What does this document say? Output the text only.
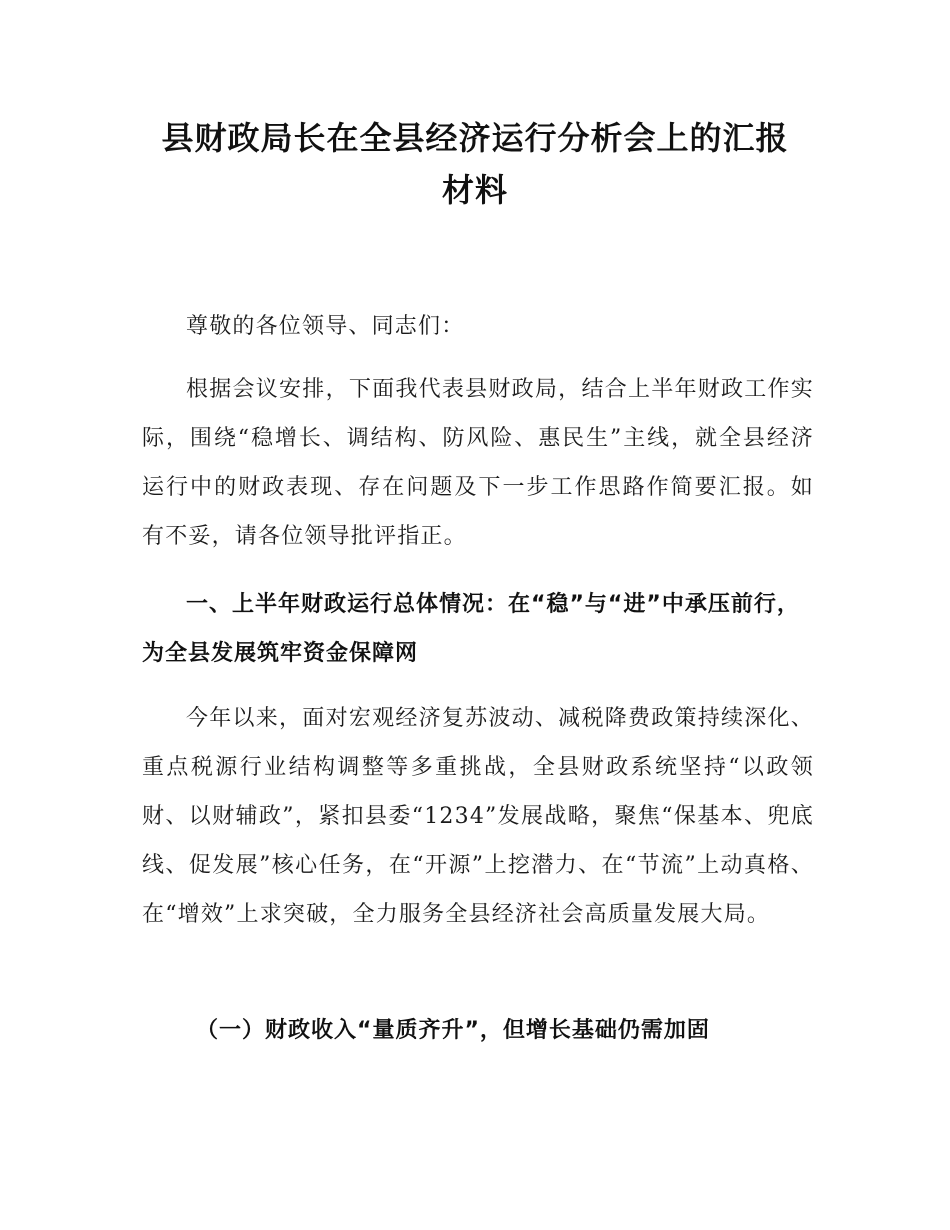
县财政局长在全县经济运行分析会上的汇报
材料

尊敬的各位领导、同志们：

根据会议安排，下面我代表县财政局，结合上半年财政工作实际，围绕“稳增长、调结构、防风险、惠民生”主线，就全县经济运行中的财政表现、存在问题及下一步工作思路作简要汇报。如有不妥，请各位领导批评指正。

一、上半年财政运行总体情况：在“稳”与“进”中承压前行，为全县发展筑牢资金保障网

今年以来，面对宏观经济复苏波动、减税降费政策持续深化、重点税源行业结构调整等多重挑战，全县财政系统坚持“以政领财、以财辅政”，紧扣县委“1234”发展战略，聚焦“保基本、兜底线、促发展”核心任务，在“开源”上挖潜力、在“节流”上动真格、在“增效”上求突破，全力服务全县经济社会高质量发展大局。

（一）财政收入“量质齐升”，但增长基础仍需加固
